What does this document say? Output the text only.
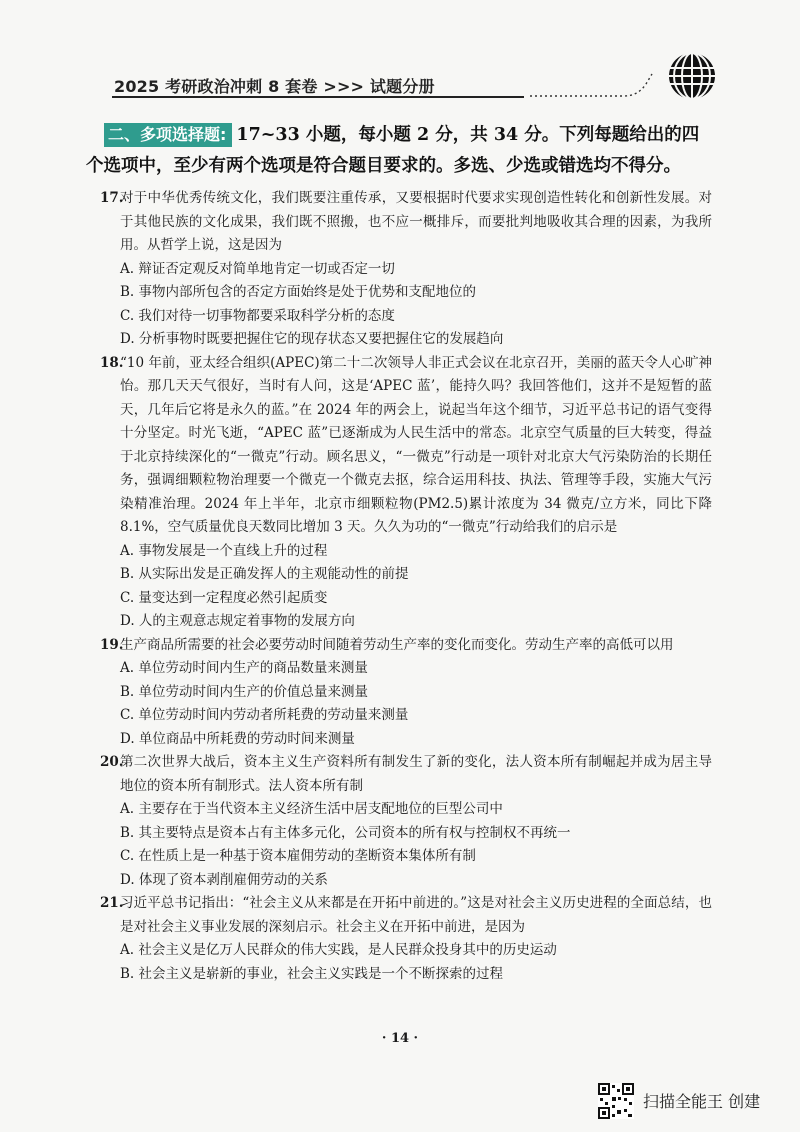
2025 考研政治冲刺 8 套卷 >>> 试题分册
二、多项选择题: 17~33 小题，每小题 2 分，共 34 分。下列每题给出的四
个选项中，至少有两个选项是符合题目要求的。多选、少选或错选均不得分。
17.
对于中华优秀传统文化，我们既要注重传承，又要根据时代要求实现创造性转化和创新性发展。对于其他民族的文化成果，我们既不照搬，也不应一概排斥，而要批判地吸收其合理的因素，为我所用。从哲学上说，这是因为
A. 辩证否定观反对简单地肯定一切或否定一切
B. 事物内部所包含的否定方面始终是处于优势和支配地位的
C. 我们对待一切事物都要采取科学分析的态度
D. 分析事物时既要把握住它的现存状态又要把握住它的发展趋向
18.
“10 年前，亚太经合组织(APEC)第二十二次领导人非正式会议在北京召开，美丽的蓝天令人心旷神怡。那几天天气很好，当时有人问，这是‘APEC 蓝’，能持久吗？我回答他们，这并不是短暂的蓝天，几年后它将是永久的蓝。”在 2024 年的两会上，说起当年这个细节，习近平总书记的语气变得十分坚定。时光飞逝，“APEC 蓝”已逐渐成为人民生活中的常态。北京空气质量的巨大转变，得益于北京持续深化的“一微克”行动。顾名思义，“一微克”行动是一项针对北京大气污染防治的长期任务，强调细颗粒物治理要一个微克一个微克去抠，综合运用科技、执法、管理等手段，实施大气污染精准治理。2024 年上半年，北京市细颗粒物(PM2.5)累计浓度为 34 微克/立方米，同比下降 8.1%，空气质量优良天数同比增加 3 天。久久为功的“一微克”行动给我们的启示是
A. 事物发展是一个直线上升的过程
B. 从实际出发是正确发挥人的主观能动性的前提
C. 量变达到一定程度必然引起质变
D. 人的主观意志规定着事物的发展方向
19.
生产商品所需要的社会必要劳动时间随着劳动生产率的变化而变化。劳动生产率的高低可以用
A. 单位劳动时间内生产的商品数量来测量
B. 单位劳动时间内生产的价值总量来测量
C. 单位劳动时间内劳动者所耗费的劳动量来测量
D. 单位商品中所耗费的劳动时间来测量
20.
第二次世界大战后，资本主义生产资料所有制发生了新的变化，法人资本所有制崛起并成为居主导地位的资本所有制形式。法人资本所有制
A. 主要存在于当代资本主义经济生活中居支配地位的巨型公司中
B. 其主要特点是资本占有主体多元化，公司资本的所有权与控制权不再统一
C. 在性质上是一种基于资本雇佣劳动的垄断资本集体所有制
D. 体现了资本剥削雇佣劳动的关系
21.
习近平总书记指出：“社会主义从来都是在开拓中前进的。”这是对社会主义历史进程的全面总结，也是对社会主义事业发展的深刻启示。社会主义在开拓中前进，是因为
A. 社会主义是亿万人民群众的伟大实践，是人民群众投身其中的历史运动
B. 社会主义是崭新的事业，社会主义实践是一个不断探索的过程
· 14 ·
扫描全能王 创建
